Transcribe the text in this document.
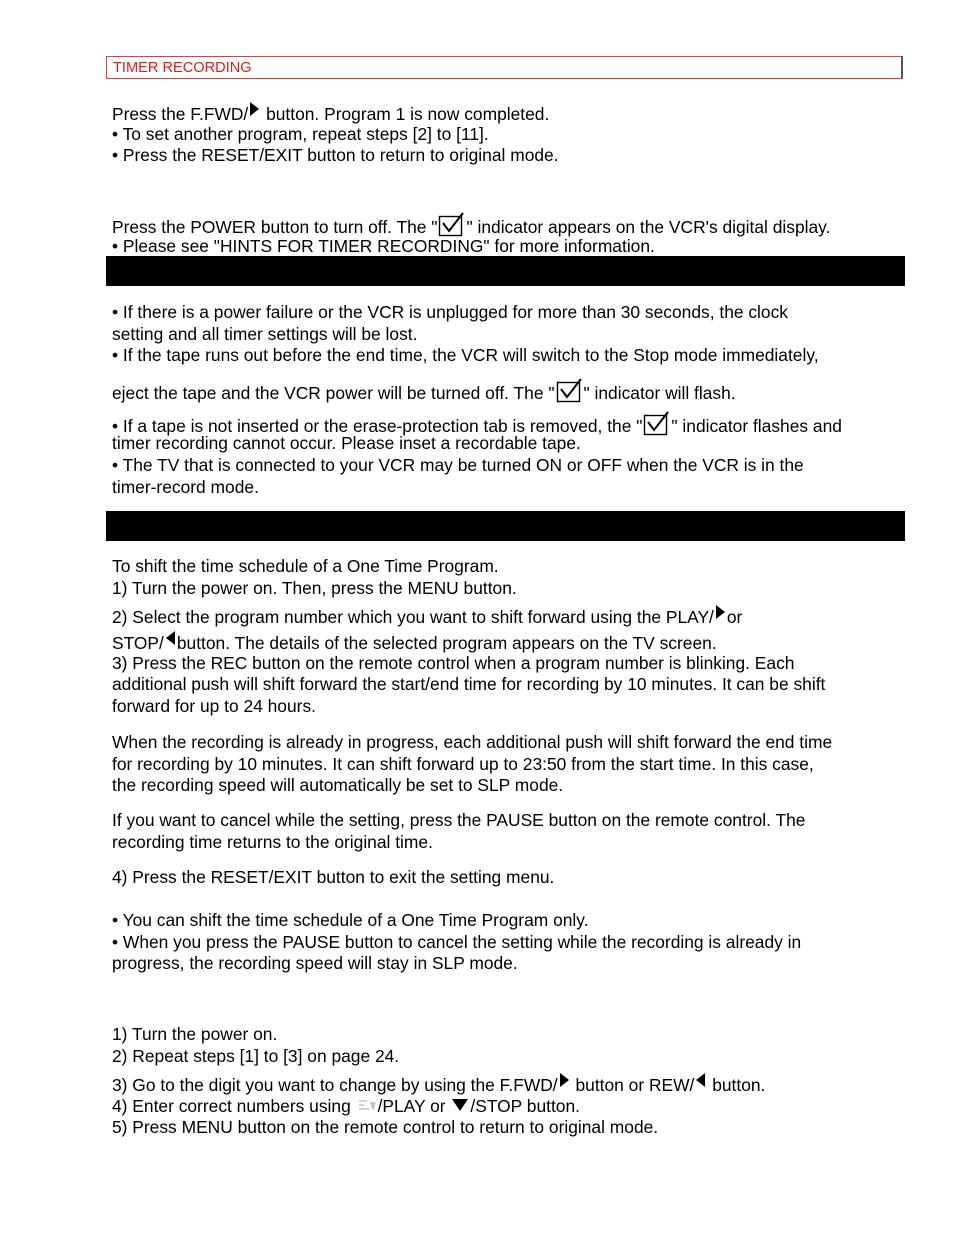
TIMER RECORDING
Press the F.FWD/ button. Program 1 is now completed.
• To set another program, repeat steps [2] to [11].
• Press the RESET/EXIT button to return to original mode.
Press the POWER button to turn off. The " " indicator appears on the VCR's digital display.
• Please see "HINTS FOR TIMER RECORDING" for more information.
• If there is a power failure or the VCR is unplugged for more than 30 seconds, the clock
setting and all timer settings will be lost.
• If the tape runs out before the end time, the VCR will switch to the Stop mode immediately,
eject the tape and the VCR power will be turned off. The " " indicator will flash.
• If a tape is not inserted or the erase-protection tab is removed, the " " indicator flashes and
timer recording cannot occur. Please inset a recordable tape.
• The TV that is connected to your VCR may be turned ON or OFF when the VCR is in the
timer-record mode.
To shift the time schedule of a One Time Program.
1) Turn the power on. Then, press the MENU button.
2) Select the program number which you want to shift forward using the PLAY/ or
STOP/ button. The details of the selected program appears on the TV screen.
3) Press the REC button on the remote control when a program number is blinking. Each
additional push will shift forward the start/end time for recording by 10 minutes. It can be shift
forward for up to 24 hours.
When the recording is already in progress, each additional push will shift forward the end time
for recording by 10 minutes. It can shift forward up to 23:50 from the start time. In this case,
the recording speed will automatically be set to SLP mode.
If you want to cancel while the setting, press the PAUSE button on the remote control. The
recording time returns to the original time.
4) Press the RESET/EXIT button to exit the setting menu.
• You can shift the time schedule of a One Time Program only.
• When you press the PAUSE button to cancel the setting while the recording is already in
progress, the recording speed will stay in SLP mode.
1) Turn the power on.
2) Repeat steps [1] to [3] on page 24.
3) Go to the digit you want to change by using the F.FWD/ button or REW/ button.
4) Enter correct numbers using /PLAY or /STOP button.
5) Press MENU button on the remote control to return to original mode.
